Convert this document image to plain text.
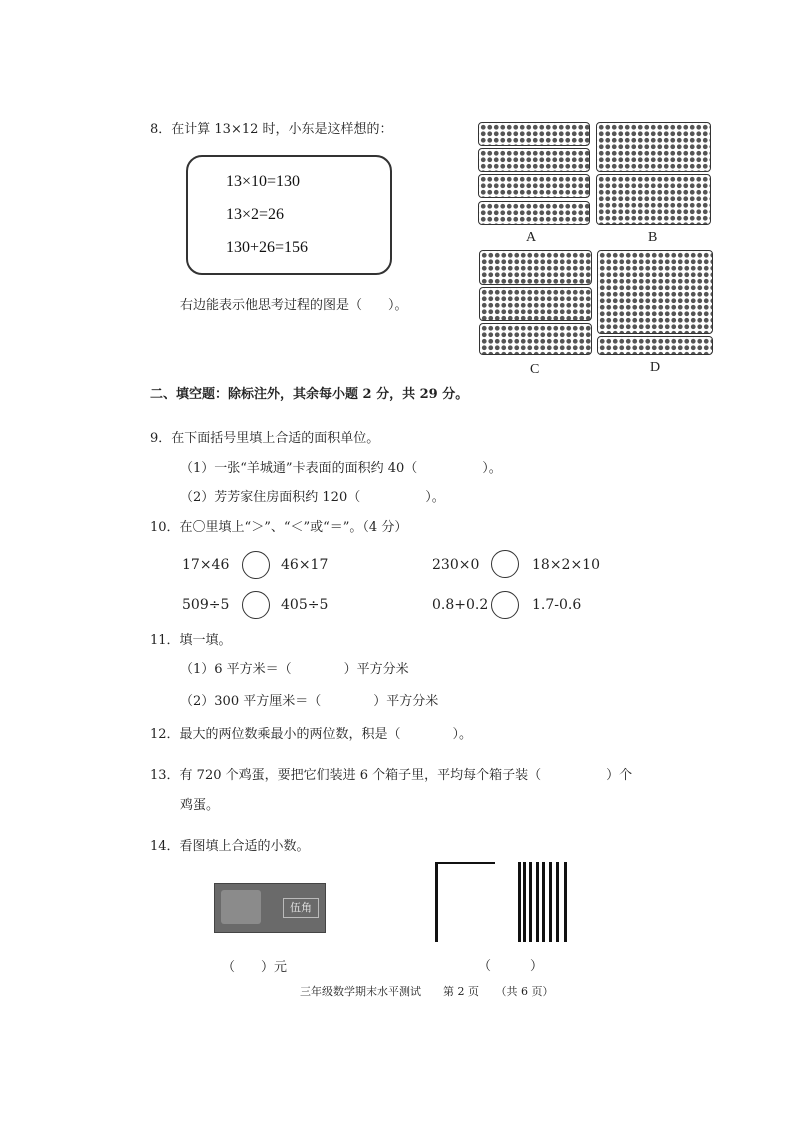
8．在计算 13×12 时，小东是这样想的：
13×10=130
13×2=26
130+26=156
右边能表示他思考过程的图是（　　）。
A	B
C	D
二、填空题：除标注外，其余每小题 2 分，共 29 分。
9．在下面括号里填上合适的面积单位。
（1）一张“羊城通”卡表面的面积约 40（　　　　　）。
（2）芳芳家住房面积约 120（　　　　　）。
10．在〇里填上“＞”、“＜”或“＝”。（4 分）
17×46	46×17	230×0	18×2×10
509÷5	405÷5	0.8+0.2	1.7-0.6
11．填一填。
（1）6 平方米＝（　　　　）平方分米
（2）300 平方厘米＝（　　　　）平方分米
12．最大的两位数乘最小的两位数，积是（　　　　）。
13．有 720 个鸡蛋，要把它们装进 6 个箱子里，平均每个箱子装（　　　　　）个
鸡蛋。
14．看图填上合适的小数。
伍角
（　　）元	（　　　）
三年级数学期末水平测试　　第 2 页　　（共 6 页）
